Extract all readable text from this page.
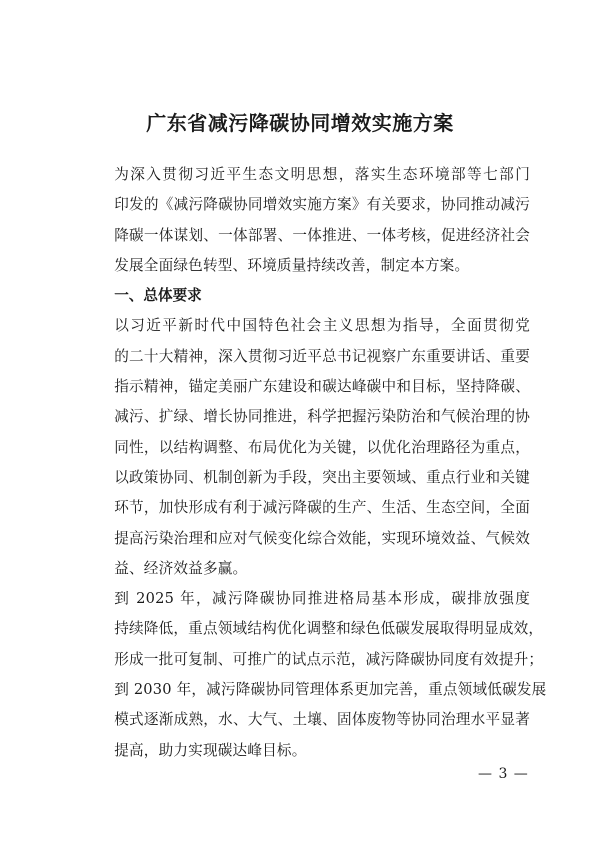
广东省减污降碳协同增效实施方案
为深入贯彻习近平生态文明思想，落实生态环境部等七部门
印发的《减污降碳协同增效实施方案》有关要求，协同推动减污
降碳一体谋划、一体部署、一体推进、一体考核，促进经济社会
发展全面绿色转型、环境质量持续改善，制定本方案。
一、总体要求
以习近平新时代中国特色社会主义思想为指导，全面贯彻党
的二十大精神，深入贯彻习近平总书记视察广东重要讲话、重要
指示精神，锚定美丽广东建设和碳达峰碳中和目标，坚持降碳、
减污、扩绿、增长协同推进，科学把握污染防治和气候治理的协
同性，以结构调整、布局优化为关键，以优化治理路径为重点，
以政策协同、机制创新为手段，突出主要领域、重点行业和关键
环节，加快形成有利于减污降碳的生产、生活、生态空间，全面
提高污染治理和应对气候变化综合效能，实现环境效益、气候效
益、经济效益多赢。
到 2025 年，减污降碳协同推进格局基本形成，碳排放强度
持续降低，重点领域结构优化调整和绿色低碳发展取得明显成效，
形成一批可复制、可推广的试点示范，减污降碳协同度有效提升；
到 2030 年，减污降碳协同管理体系更加完善，重点领域低碳发展
模式逐渐成熟，水、大气、土壤、固体废物等协同治理水平显著
提高，助力实现碳达峰目标。
— 3 —
